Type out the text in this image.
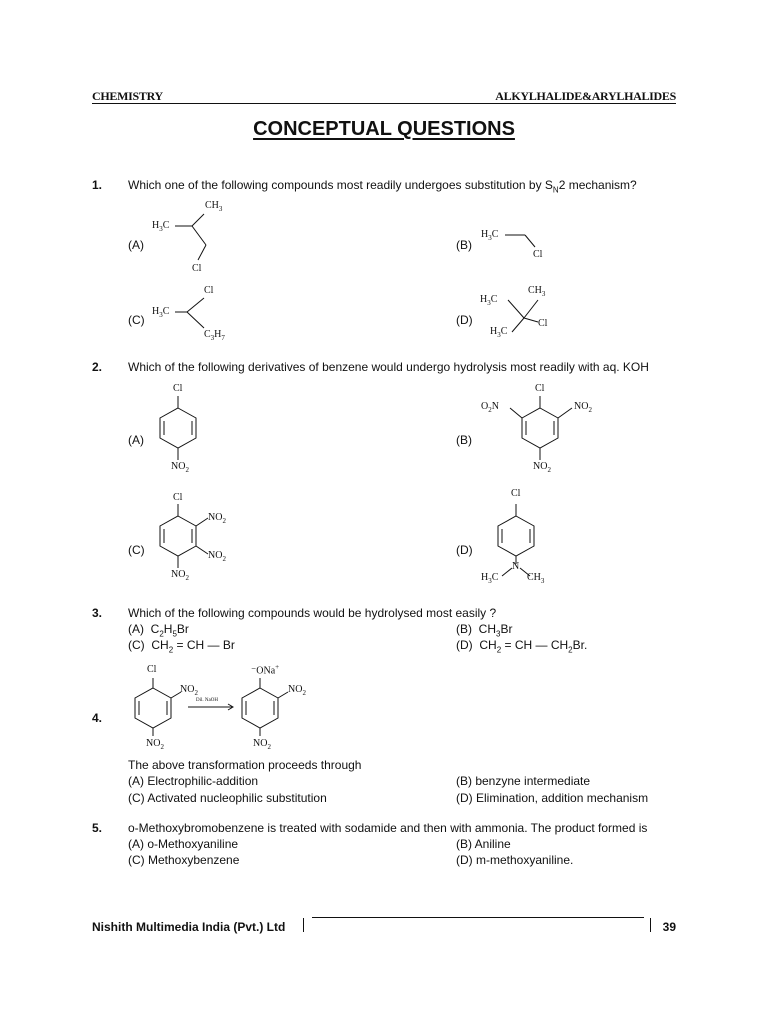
CHEMISTRY	ALKYLHALIDE&ARYLHALIDES
CONCEPTUAL QUESTIONS
1. Which one of the following compounds most readily undergoes substitution by $S_N2$ mechanism?
(A)
$CH_3$
$H_3C$
Cl
(B)
$H_3C$
Cl
(C)
Cl
$H_3C$
$C_3H_7$
(D)
$CH_3$
$H_3C$
Cl
$H_3C$
2. Which of the following derivatives of benzene would undergo hydrolysis most readily with aq. KOH
(A)
Cl
$NO_2$
(B)
Cl
$O_2N$	$NO_2$
$NO_2$
(C)
Cl
$NO_2$
$NO_2$
$NO_2$
(D)
Cl
N
$H_3C$	$CH_3$
3. Which of the following compounds would be hydrolysed most easily ?
(A) $C_2H_5Br$	(B) $CH_3Br$
(C) $CH_2$ = CH — Br	(D) $CH_2$ = CH — $CH_2Br$.
4.
Cl
$NO_2$
$NO_2$
Dil. NaOH
⁻ONa+
$NO_2$
$NO_2$
The above transformation proceeds through
(A) Electrophilic-addition	(B) benzyne intermediate
(C) Activated nucleophilic substitution	(D) Elimination, addition mechanism
5. o-Methoxybromobenzene is treated with sodamide and then with ammonia. The product formed is
(A) o-Methoxyaniline	(B) Aniline
(C) Methoxybenzene	(D) m-methoxyaniline.
Nishith Multimedia India (Pvt.) Ltd	39
